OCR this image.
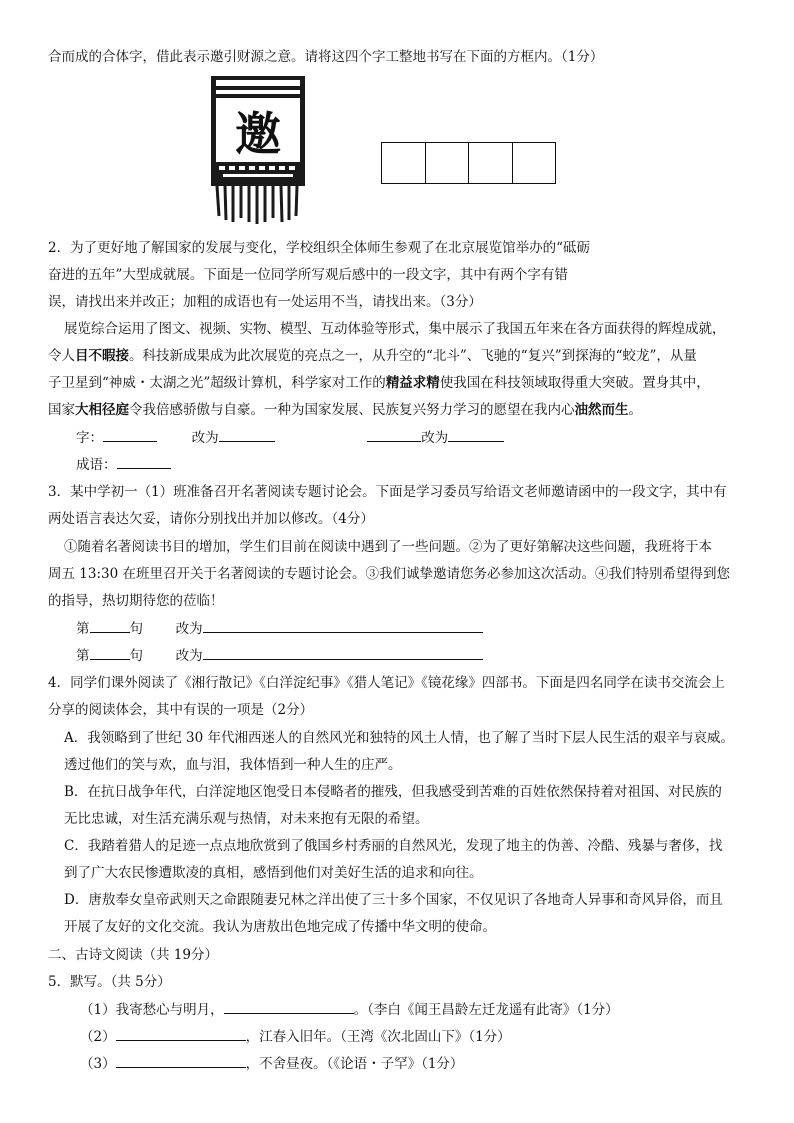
合而成的合体字，借此表示邀引财源之意。请将这四个字工整地书写在下面的方框内。（1分）
邀
2．为了更好地了解国家的发展与变化，学校组织全体师生参观了在北京展览馆举办的“砥砺
奋进的五年”大型成就展。下面是一位同学所写观后感中的一段文字，其中有两个字有错
误，请找出来并改正；加粗的成语也有一处运用不当，请找出来。（3分）
展览综合运用了图文、视频、实物、模型、互动体验等形式，集中展示了我国五年来在各方面获得的辉煌成就，
令人目不暇接。科技新成果成为此次展览的亮点之一，从升空的“北斗”、飞驰的“复兴”到探海的“蛟龙”，从量
子卫星到“神威・太湖之光”超级计算机，科学家对工作的精益求精使我国在科技领域取得重大突破。置身其中，
国家大相径庭令我倍感骄傲与自豪。一种为国家发展、民族复兴努力学习的愿望在我内心油然而生。
字：	改为	改为
成语：
3．某中学初一（1）班准备召开名著阅读专题讨论会。下面是学习委员写给语文老师邀请函中的一段文字，其中有
两处语言表达欠妥，请你分别找出并加以修改。（4分）
①随着名著阅读书目的增加，学生们目前在阅读中遇到了一些问题。②为了更好第解决这些问题，我班将于本
周五 13:30 在班里召开关于名著阅读的专题讨论会。③我们诚挚邀请您务必参加这次活动。④我们特别希望得到您
的指导，热切期待您的莅临！
第	句 改为
第	句 改为
4．同学们课外阅读了《湘行散记》《白洋淀纪事》《猎人笔记》《镜花缘》四部书。下面是四名同学在读书交流会上
分享的阅读体会，其中有误的一项是（2分）
A．我领略到了世纪 30 年代湘西迷人的自然风光和独特的风土人情，也了解了当时下层人民生活的艰辛与哀威。
透过他们的笑与欢，血与泪，我体悟到一种人生的庄严。
B．在抗日战争年代，白洋淀地区饱受日本侵略者的摧残，但我感受到苦难的百姓依然保持着对祖国、对民族的
无比忠诚，对生活充满乐观与热情，对未来抱有无限的希望。
C．我踏着猎人的足迹一点点地欣赏到了俄国乡村秀丽的自然风光，发现了地主的伪善、冷酷、残暴与奢侈，找
到了广大农民惨遭欺凌的真相，感悟到他们对美好生活的追求和向往。
D．唐敖奉女皇帝武则天之命跟随妻兄林之洋出使了三十多个国家，不仅见识了各地奇人异事和奇风异俗，而且
开展了友好的文化交流。我认为唐敖出色地完成了传播中华文明的使命。
二、古诗文阅读（共 19分）
5．默写。（共 5分）
（1）我寄愁心与明月，	。（李白《闻王昌龄左迁龙遥有此寄》（1分）
（2）	，江春入旧年。（王湾《次北固山下》（1分）
（3）	，不舍昼夜。（《论语・子罕》（1分）
